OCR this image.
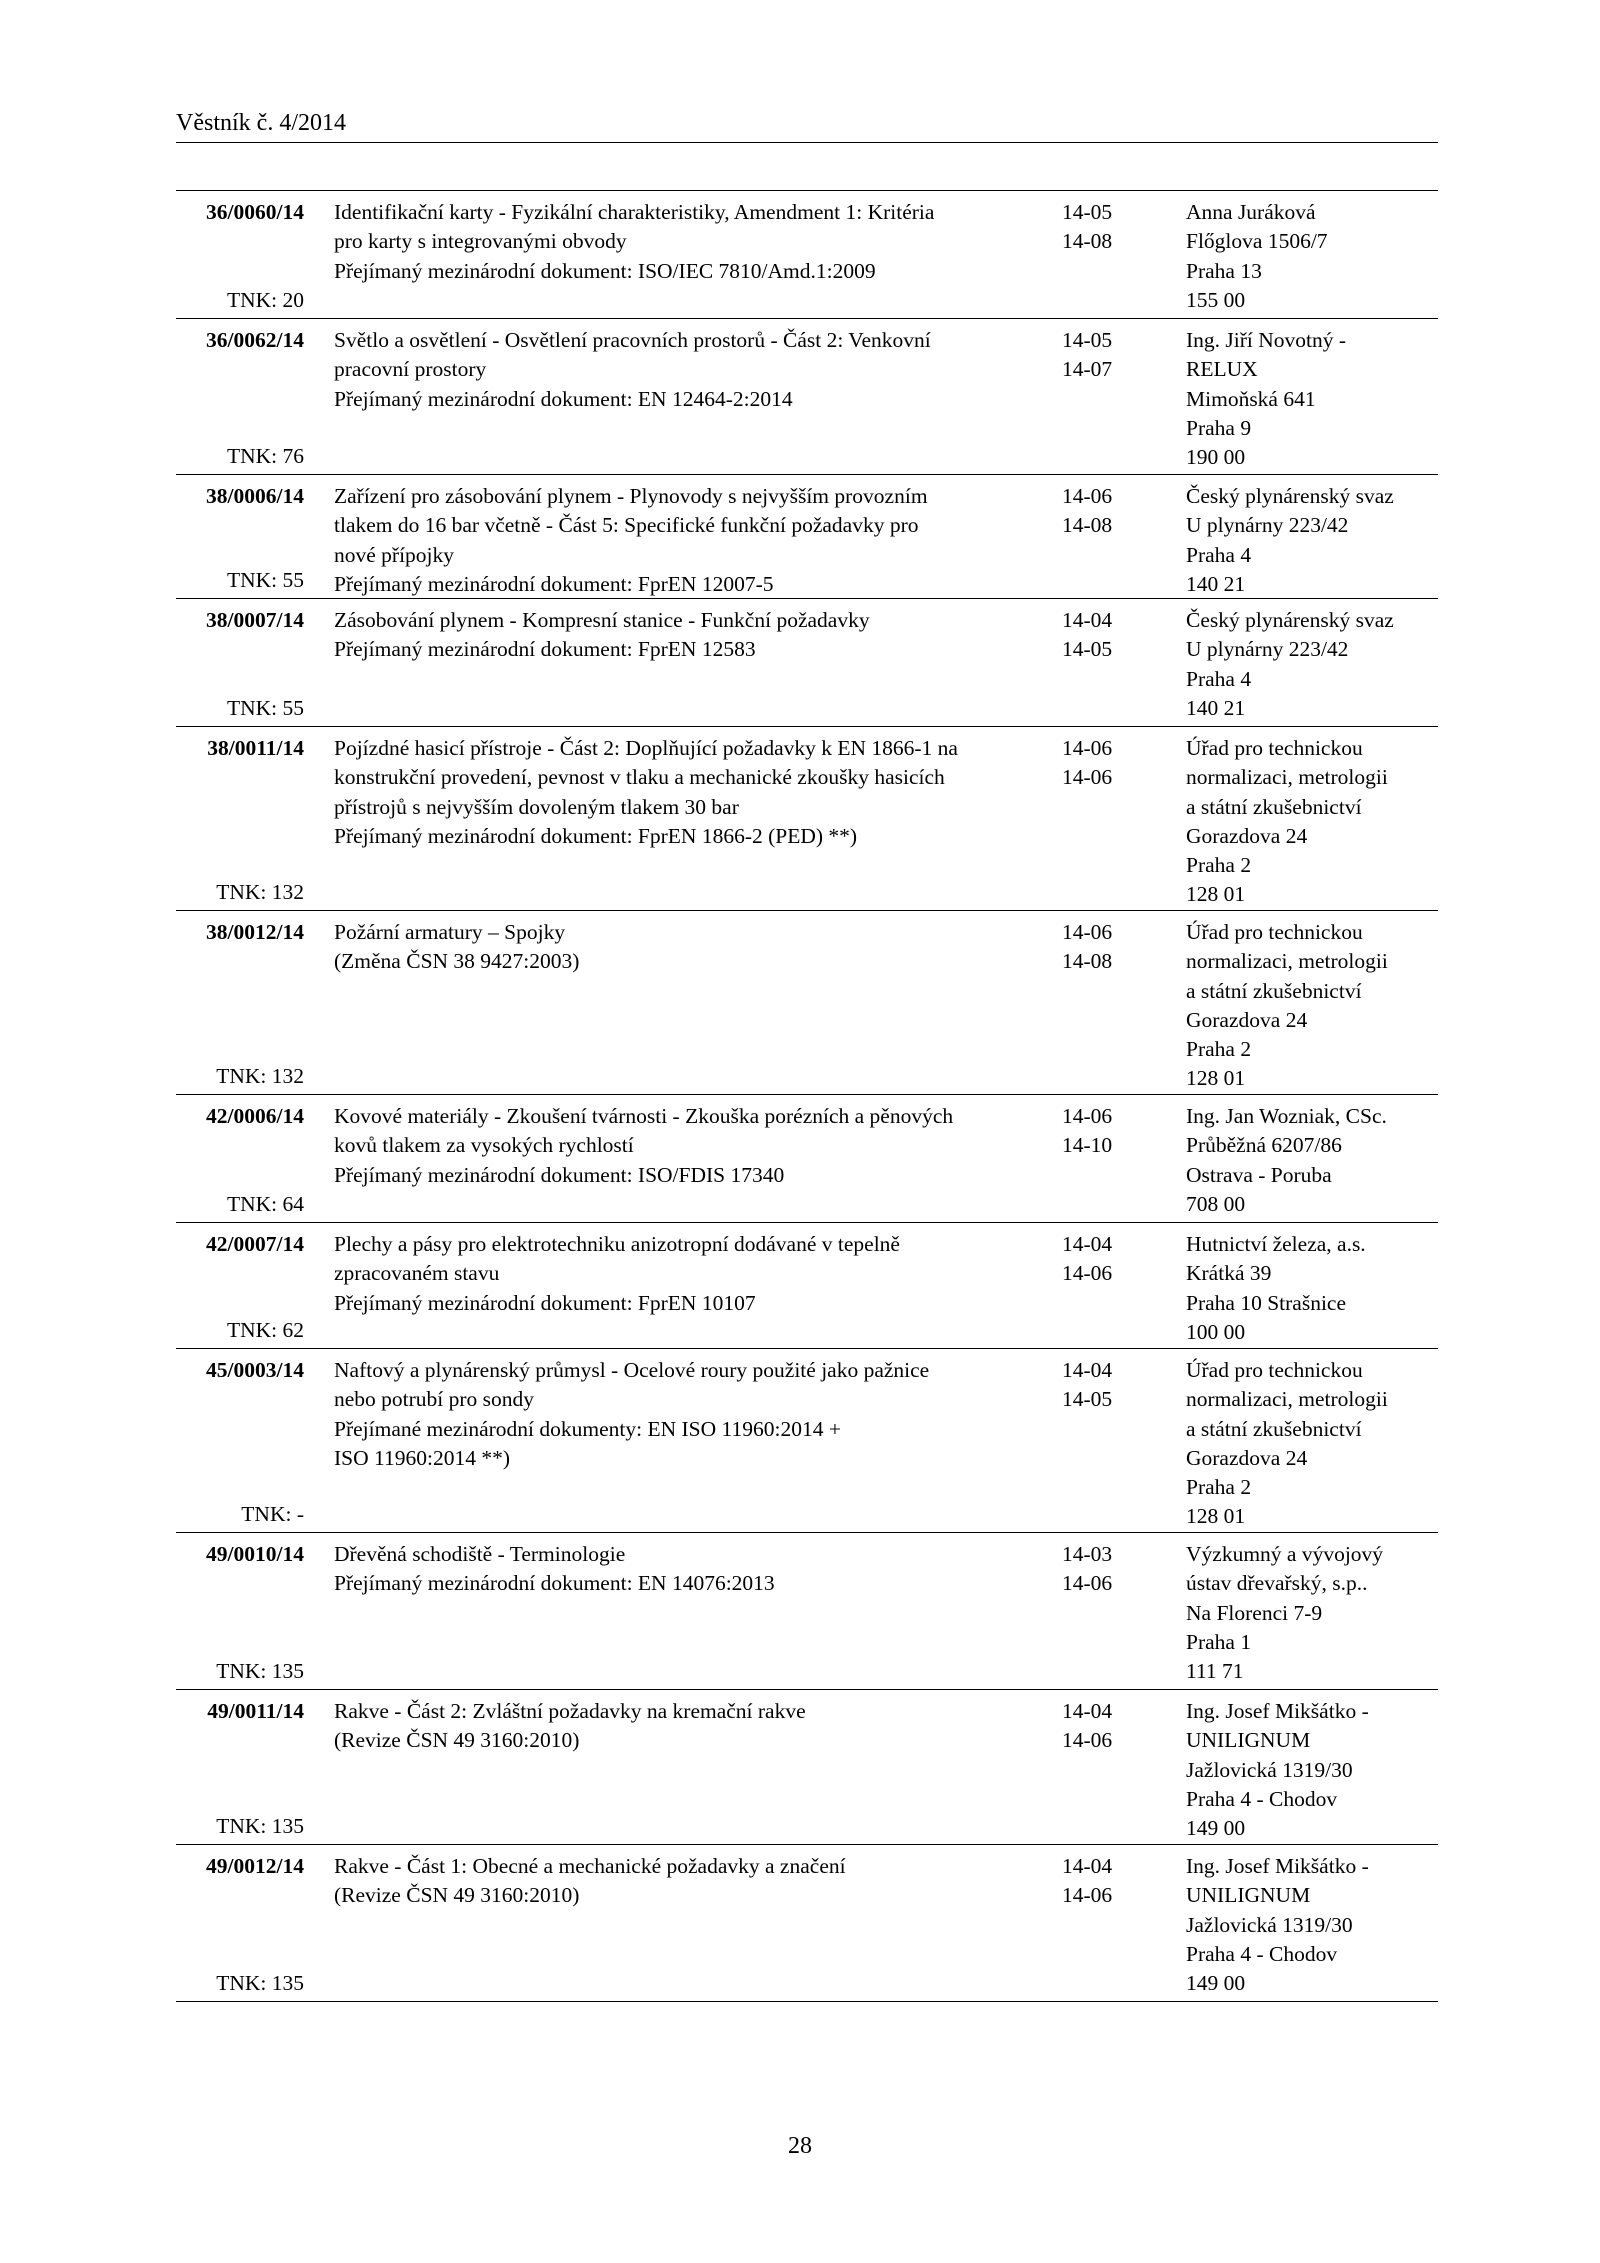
Věstník č. 4/2014
36/0060/14
TNK: 20
Identifikační karty - Fyzikální charakteristiky, Amendment 1: Kritéria
pro karty s integrovanými obvody
Přejímaný mezinárodní dokument: ISO/IEC 7810/Amd.1:2009
14-05
14-08
Anna Juráková
Flőglova 1506/7
Praha 13
155 00
36/0062/14
TNK: 76
Světlo a osvětlení - Osvětlení pracovních prostorů - Část 2: Venkovní
pracovní prostory
Přejímaný mezinárodní dokument: EN 12464-2:2014
14-05
14-07
Ing. Jiří Novotný -
RELUX
Mimoňská 641
Praha 9
190 00
38/0006/14
TNK: 55
Zařízení pro zásobování plynem - Plynovody s nejvyšším provozním
tlakem do 16 bar včetně - Část 5: Specifické funkční požadavky pro
nové přípojky
Přejímaný mezinárodní dokument: FprEN 12007-5
14-06
14-08
Český plynárenský svaz
U plynárny 223/42
Praha 4
140 21
38/0007/14
TNK: 55
Zásobování plynem - Kompresní stanice - Funkční požadavky
Přejímaný mezinárodní dokument: FprEN 12583
14-04
14-05
Český plynárenský svaz
U plynárny 223/42
Praha 4
140 21
38/0011/14
TNK: 132
Pojízdné hasicí přístroje - Část 2: Doplňující požadavky k EN 1866-1 na
konstrukční provedení, pevnost v tlaku a mechanické zkoušky hasicích
přístrojů s nejvyšším dovoleným tlakem 30 bar
Přejímaný mezinárodní dokument: FprEN 1866-2 (PED) **)
14-06
14-06
Úřad pro technickou
normalizaci, metrologii
a státní zkušebnictví
Gorazdova 24
Praha 2
128 01
38/0012/14
TNK: 132
Požární armatury – Spojky
(Změna ČSN 38 9427:2003)
14-06
14-08
Úřad pro technickou
normalizaci, metrologii
a státní zkušebnictví
Gorazdova 24
Praha 2
128 01
42/0006/14
TNK: 64
Kovové materiály - Zkoušení tvárnosti - Zkouška porézních a pěnových
kovů tlakem za vysokých rychlostí
Přejímaný mezinárodní dokument: ISO/FDIS 17340
14-06
14-10
Ing. Jan Wozniak, CSc.
Průběžná 6207/86
Ostrava - Poruba
708 00
42/0007/14
TNK: 62
Plechy a pásy pro elektrotechniku anizotropní dodávané v tepelně
zpracovaném stavu
Přejímaný mezinárodní dokument: FprEN 10107
14-04
14-06
Hutnictví železa, a.s.
Krátká 39
Praha 10 Strašnice
100 00
45/0003/14
TNK: -
Naftový a plynárenský průmysl - Ocelové roury použité jako pažnice
nebo potrubí pro sondy
Přejímané mezinárodní dokumenty: EN ISO 11960:2014 +
ISO 11960:2014 **)
14-04
14-05
Úřad pro technickou
normalizaci, metrologii
a státní zkušebnictví
Gorazdova 24
Praha 2
128 01
49/0010/14
TNK: 135
Dřevěná schodiště - Terminologie
Přejímaný mezinárodní dokument: EN 14076:2013
14-03
14-06
Výzkumný a vývojový
ústav dřevařský, s.p..
Na Florenci 7-9
Praha 1
111 71
49/0011/14
TNK: 135
Rakve - Část 2: Zvláštní požadavky na kremační rakve
(Revize ČSN 49 3160:2010)
14-04
14-06
Ing. Josef Mikšátko -
UNILIGNUM
Jažlovická 1319/30
Praha 4 - Chodov
149 00
49/0012/14
TNK: 135
Rakve - Část 1: Obecné a mechanické požadavky a značení
(Revize ČSN 49 3160:2010)
14-04
14-06
Ing. Josef Mikšátko -
UNILIGNUM
Jažlovická 1319/30
Praha 4 - Chodov
149 00
28
